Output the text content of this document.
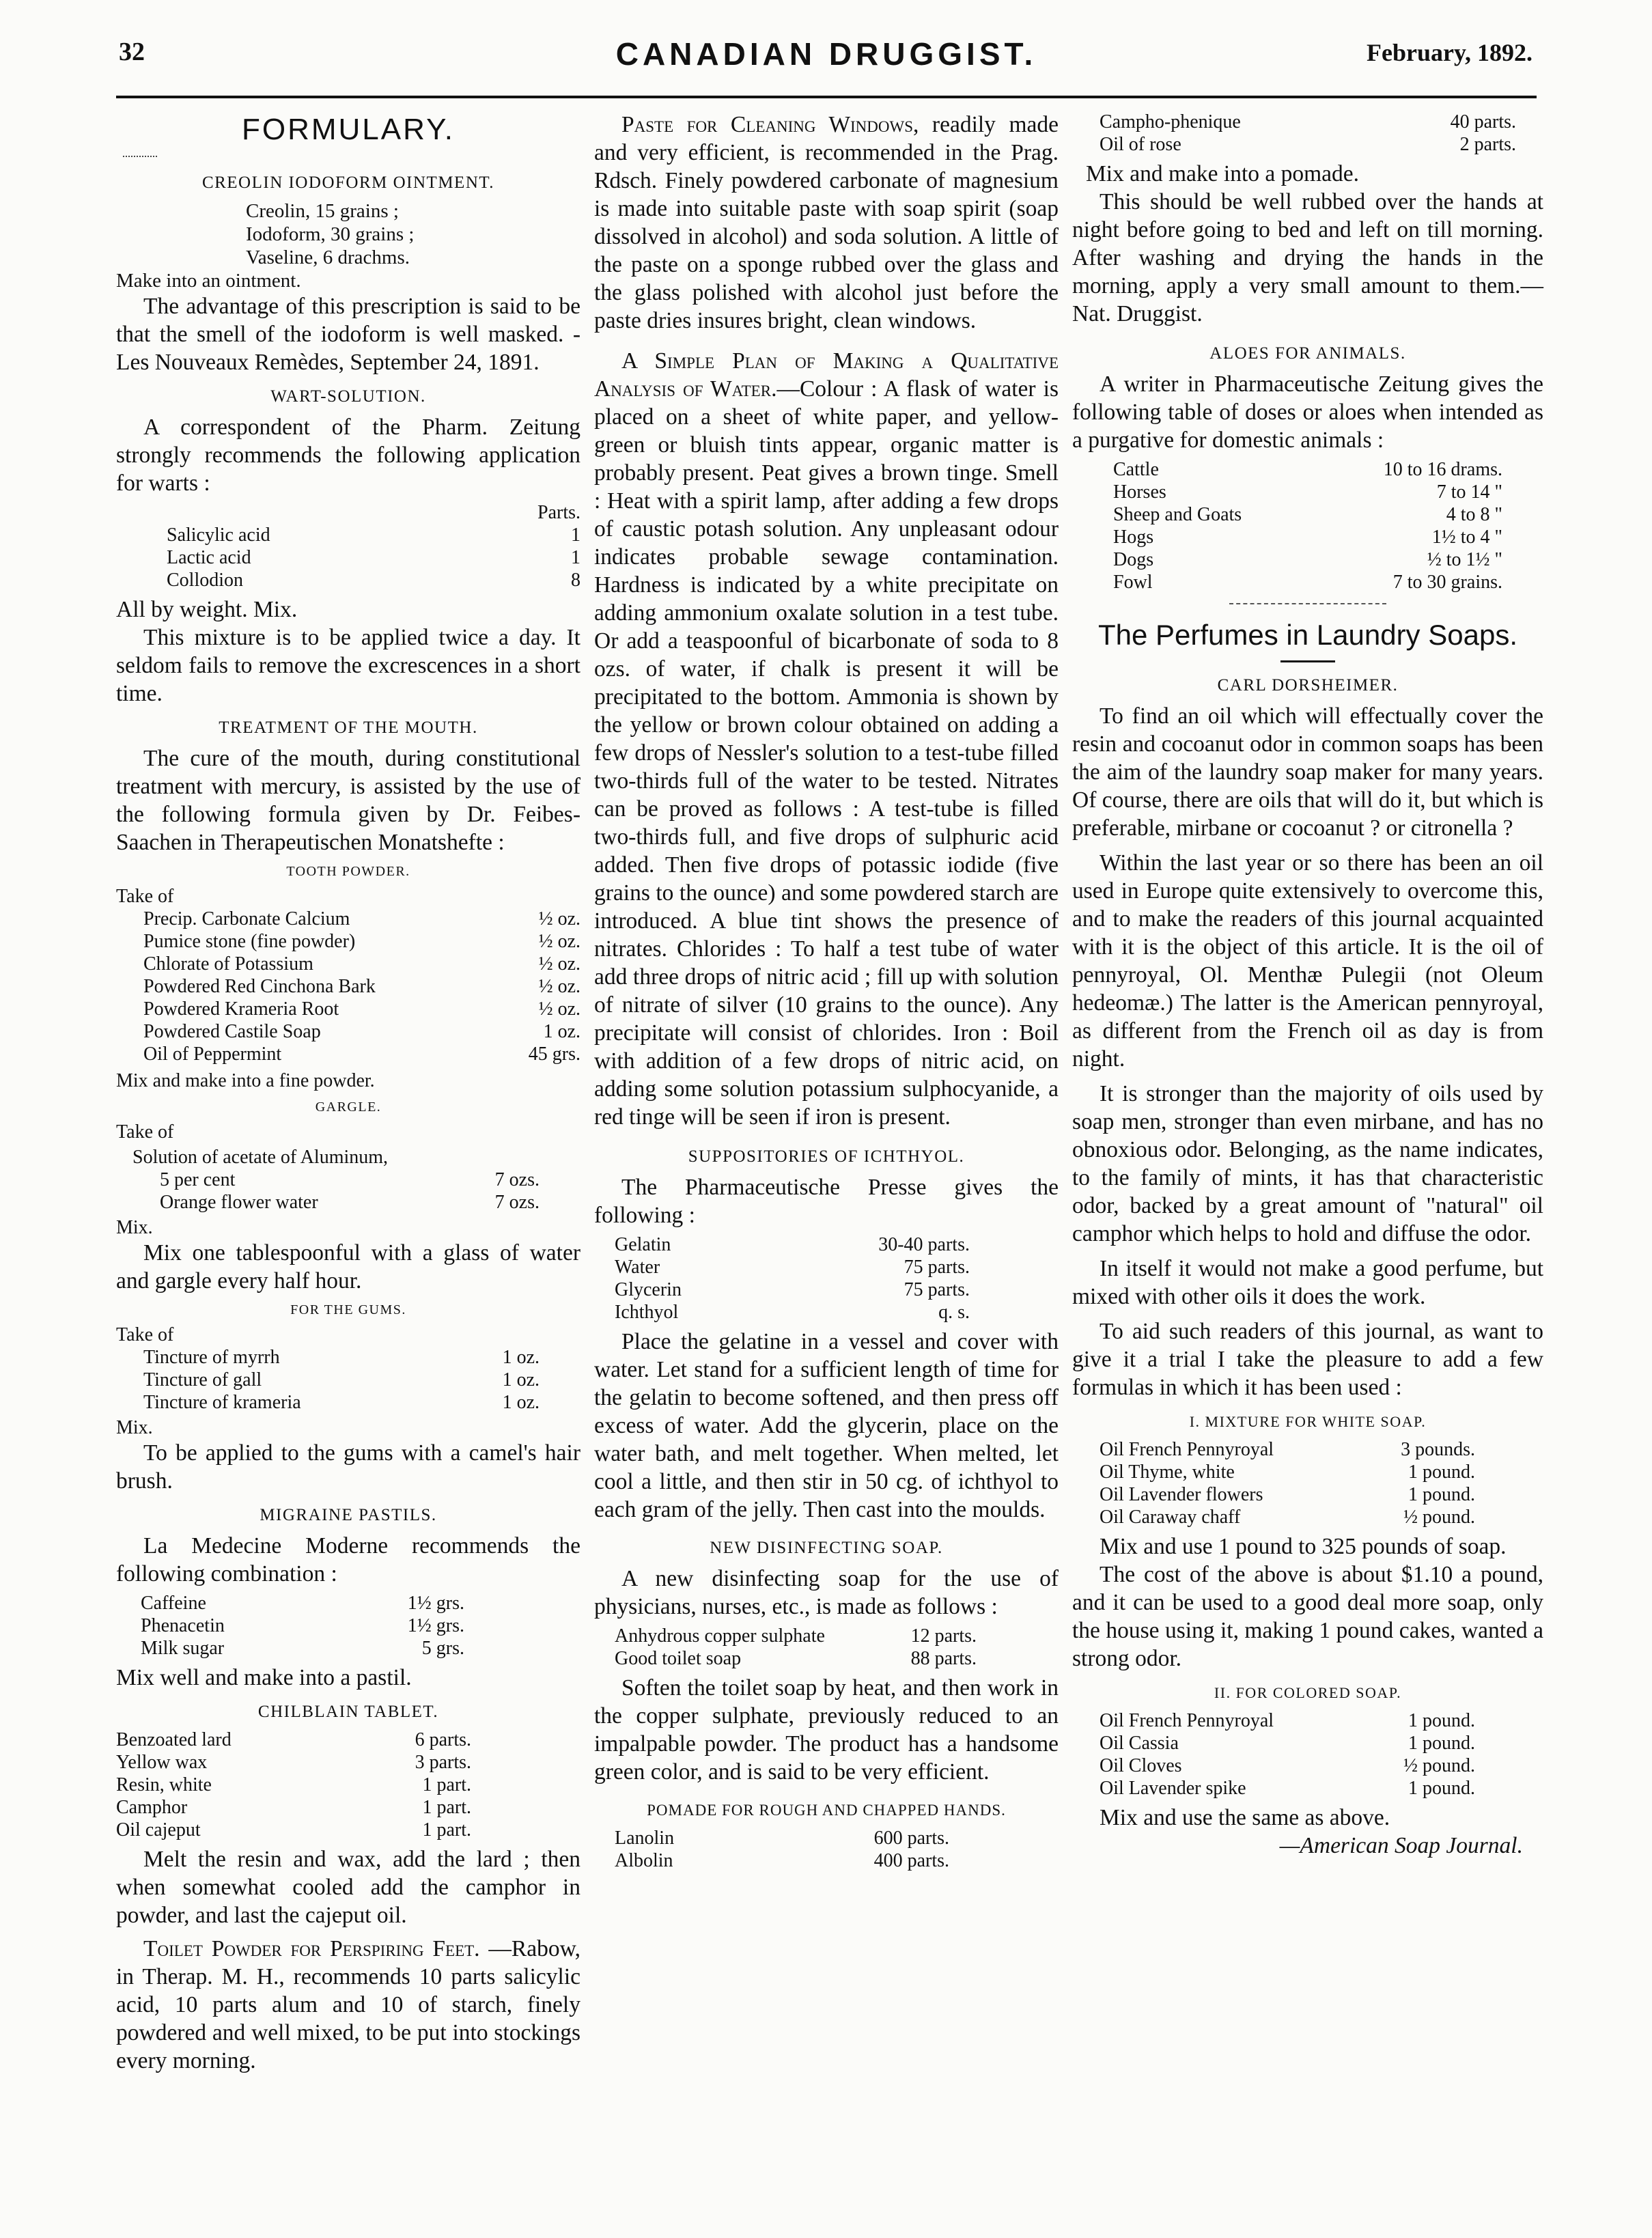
32	CANADIAN DRUGGIST.	February, 1892.
FORMULARY.
CREOLIN IODOFORM OINTMENT.
Creolin, 15 grains ;
Iodoform, 30 grains ;
Vaseline, 6 drachms.

Make into an ointment.

The advantage of this prescription is said to be that the smell of the iodoform is well masked. - Les Nouveaux Remèdes, September 24, 1891.

WART-SOLUTION.

A correspondent of the Pharm. Zeitung strongly recommends the following application for warts :

Parts.
Salicylic acid	1
Lactic acid	1
Collodion	8

All by weight. Mix.

This mixture is to be applied twice a day. It seldom fails to remove the excrescences in a short time.

TREATMENT OF THE MOUTH.

The cure of the mouth, during constitutional treatment with mercury, is assisted by the use of the following formula given by Dr. Feibes-Saachen in Therapeutischen Monatshefte :

TOOTH POWDER.
Take of
Precip. Carbonate Calcium	½ oz.
Pumice stone (fine powder)	½ oz.
Chlorate of Potassium	½ oz.
Powdered Red Cinchona Bark	½ oz.
Powdered Krameria Root	½ oz.
Powdered Castile Soap	1 oz.
Oil of Peppermint	45 grs.
Mix and make into a fine powder.
GARGLE.
Take of
Solution of acetate of Aluminum,
5 per cent	7 ozs.
Orange flower water	7 ozs.
Mix.

Mix one tablespoonful with a glass of water and gargle every half hour.

FOR THE GUMS.
Take of
Tincture of myrrh	1 oz.
Tincture of gall	1 oz.
Tincture of krameria	1 oz.
Mix.

To be applied to the gums with a camel's hair brush.

MIGRAINE PASTILS.

La Medecine Moderne recommends the following combination :

Caffeine	1½ grs.
Phenacetin	1½ grs.
Milk sugar	5 grs.

Mix well and make into a pastil.

CHILBLAIN TABLET.
Benzoated lard	6 parts.
Yellow wax	3 parts.
Resin, white	1 part.
Camphor	1 part.
Oil cajeput	1 part.

Melt the resin and wax, add the lard ; then when somewhat cooled add the camphor in powder, and last the cajeput oil.

Toilet Powder for Perspiring Feet. —Rabow, in Therap. M. H., recommends 10 parts salicylic acid, 10 parts alum and 10 of starch, finely powdered and well mixed, to be put into stockings every morning.

Paste for Cleaning Windows, readily made and very efficient, is recommended in the Prag. Rdsch. Finely powdered carbonate of magnesium is made into suitable paste with soap spirit (soap dissolved in alcohol) and soda solution. A little of the paste on a sponge rubbed over the glass and the glass polished with alcohol just before the paste dries insures bright, clean windows.

A Simple Plan of Making a Qualitative Analysis of Water.—Colour : A flask of water is placed on a sheet of white paper, and yellow-green or bluish tints appear, organic matter is probably present. Peat gives a brown tinge. Smell : Heat with a spirit lamp, after adding a few drops of caustic potash solution. Any unpleasant odour indicates probable sewage contamination. Hardness is indicated by a white precipitate on adding ammonium oxalate solution in a test tube. Or add a teaspoonful of bicarbonate of soda to 8 ozs. of water, if chalk is present it will be precipitated to the bottom. Ammonia is shown by the yellow or brown colour obtained on adding a few drops of Nessler's solution to a test-tube filled two-thirds full of the water to be tested. Nitrates can be proved as follows : A test-tube is filled two-thirds full, and five drops of sulphuric acid added. Then five drops of potassic iodide (five grains to the ounce) and some powdered starch are introduced. A blue tint shows the presence of nitrates. Chlorides : To half a test tube of water add three drops of nitric acid ; fill up with solution of nitrate of silver (10 grains to the ounce). Any precipitate will consist of chlorides. Iron : Boil with addition of a few drops of nitric acid, on adding some solution potassium sulphocyanide, a red tinge will be seen if iron is present.

SUPPOSITORIES OF ICHTHYOL.

The Pharmaceutische Presse gives the following :

Gelatin	30-40 parts.
Water	75 parts.
Glycerin	75 parts.
Ichthyol	q. s.

Place the gelatine in a vessel and cover with water. Let stand for a sufficient length of time for the gelatin to become softened, and then press off excess of water. Add the glycerin, place on the water bath, and melt together. When melted, let cool a little, and then stir in 50 cg. of ichthyol to each gram of the jelly. Then cast into the moulds.

NEW DISINFECTING SOAP.

A new disinfecting soap for the use of physicians, nurses, etc., is made as follows :

Anhydrous copper sulphate	12 parts.
Good toilet soap	88 parts.

Soften the toilet soap by heat, and then work in the copper sulphate, previously reduced to an impalpable powder. The product has a handsome green color, and is said to be very efficient.

POMADE FOR ROUGH AND CHAPPED HANDS.
Lanolin	600 parts.
Albolin	400 parts.
Campho-phenique	40 parts.
Oil of rose	2 parts.

Mix and make into a pomade.

This should be well rubbed over the hands at night before going to bed and left on till morning. After washing and drying the hands in the morning, apply a very small amount to them.—Nat. Druggist.

ALOES FOR ANIMALS.

A writer in Pharmaceutische Zeitung gives the following table of doses or aloes when intended as a purgative for domestic animals :

Cattle	10 to 16 drams.
Horses	7 to 14 "
Sheep and Goats	4 to 8 "
Hogs	1½ to 4 "
Dogs	½ to 1½ "
Fowl	7 to 30 grains.
The Perfumes in Laundry Soaps.
CARL DORSHEIMER.

To find an oil which will effectually cover the resin and cocoanut odor in common soaps has been the aim of the laundry soap maker for many years. Of course, there are oils that will do it, but which is preferable, mirbane or cocoanut ? or citronella ?

Within the last year or so there has been an oil used in Europe quite extensively to overcome this, and to make the readers of this journal acquainted with it is the object of this article. It is the oil of pennyroyal, Ol. Menthæ Pulegii (not Oleum hedeomæ.) The latter is the American pennyroyal, as different from the French oil as day is from night.

It is stronger than the majority of oils used by soap men, stronger than even mirbane, and has no obnoxious odor. Belonging, as the name indicates, to the family of mints, it has that characteristic odor, backed by a great amount of "natural" oil camphor which helps to hold and diffuse the odor.

In itself it would not make a good perfume, but mixed with other oils it does the work.

To aid such readers of this journal, as want to give it a trial I take the pleasure to add a few formulas in which it has been used :

I. MIXTURE FOR WHITE SOAP.
Oil French Pennyroyal	3 pounds.
Oil Thyme, white	1 pound.
Oil Lavender flowers	1 pound.
Oil Caraway chaff	½ pound.

Mix and use 1 pound to 325 pounds of soap.

The cost of the above is about $1.10 a pound, and it can be used to a good deal more soap, only the house using it, making 1 pound cakes, wanted a strong odor.

II. FOR COLORED SOAP.
Oil French Pennyroyal	1 pound.
Oil Cassia	1 pound.
Oil Cloves	½ pound.
Oil Lavender spike	1 pound.

Mix and use the same as above.

—American Soap Journal.
